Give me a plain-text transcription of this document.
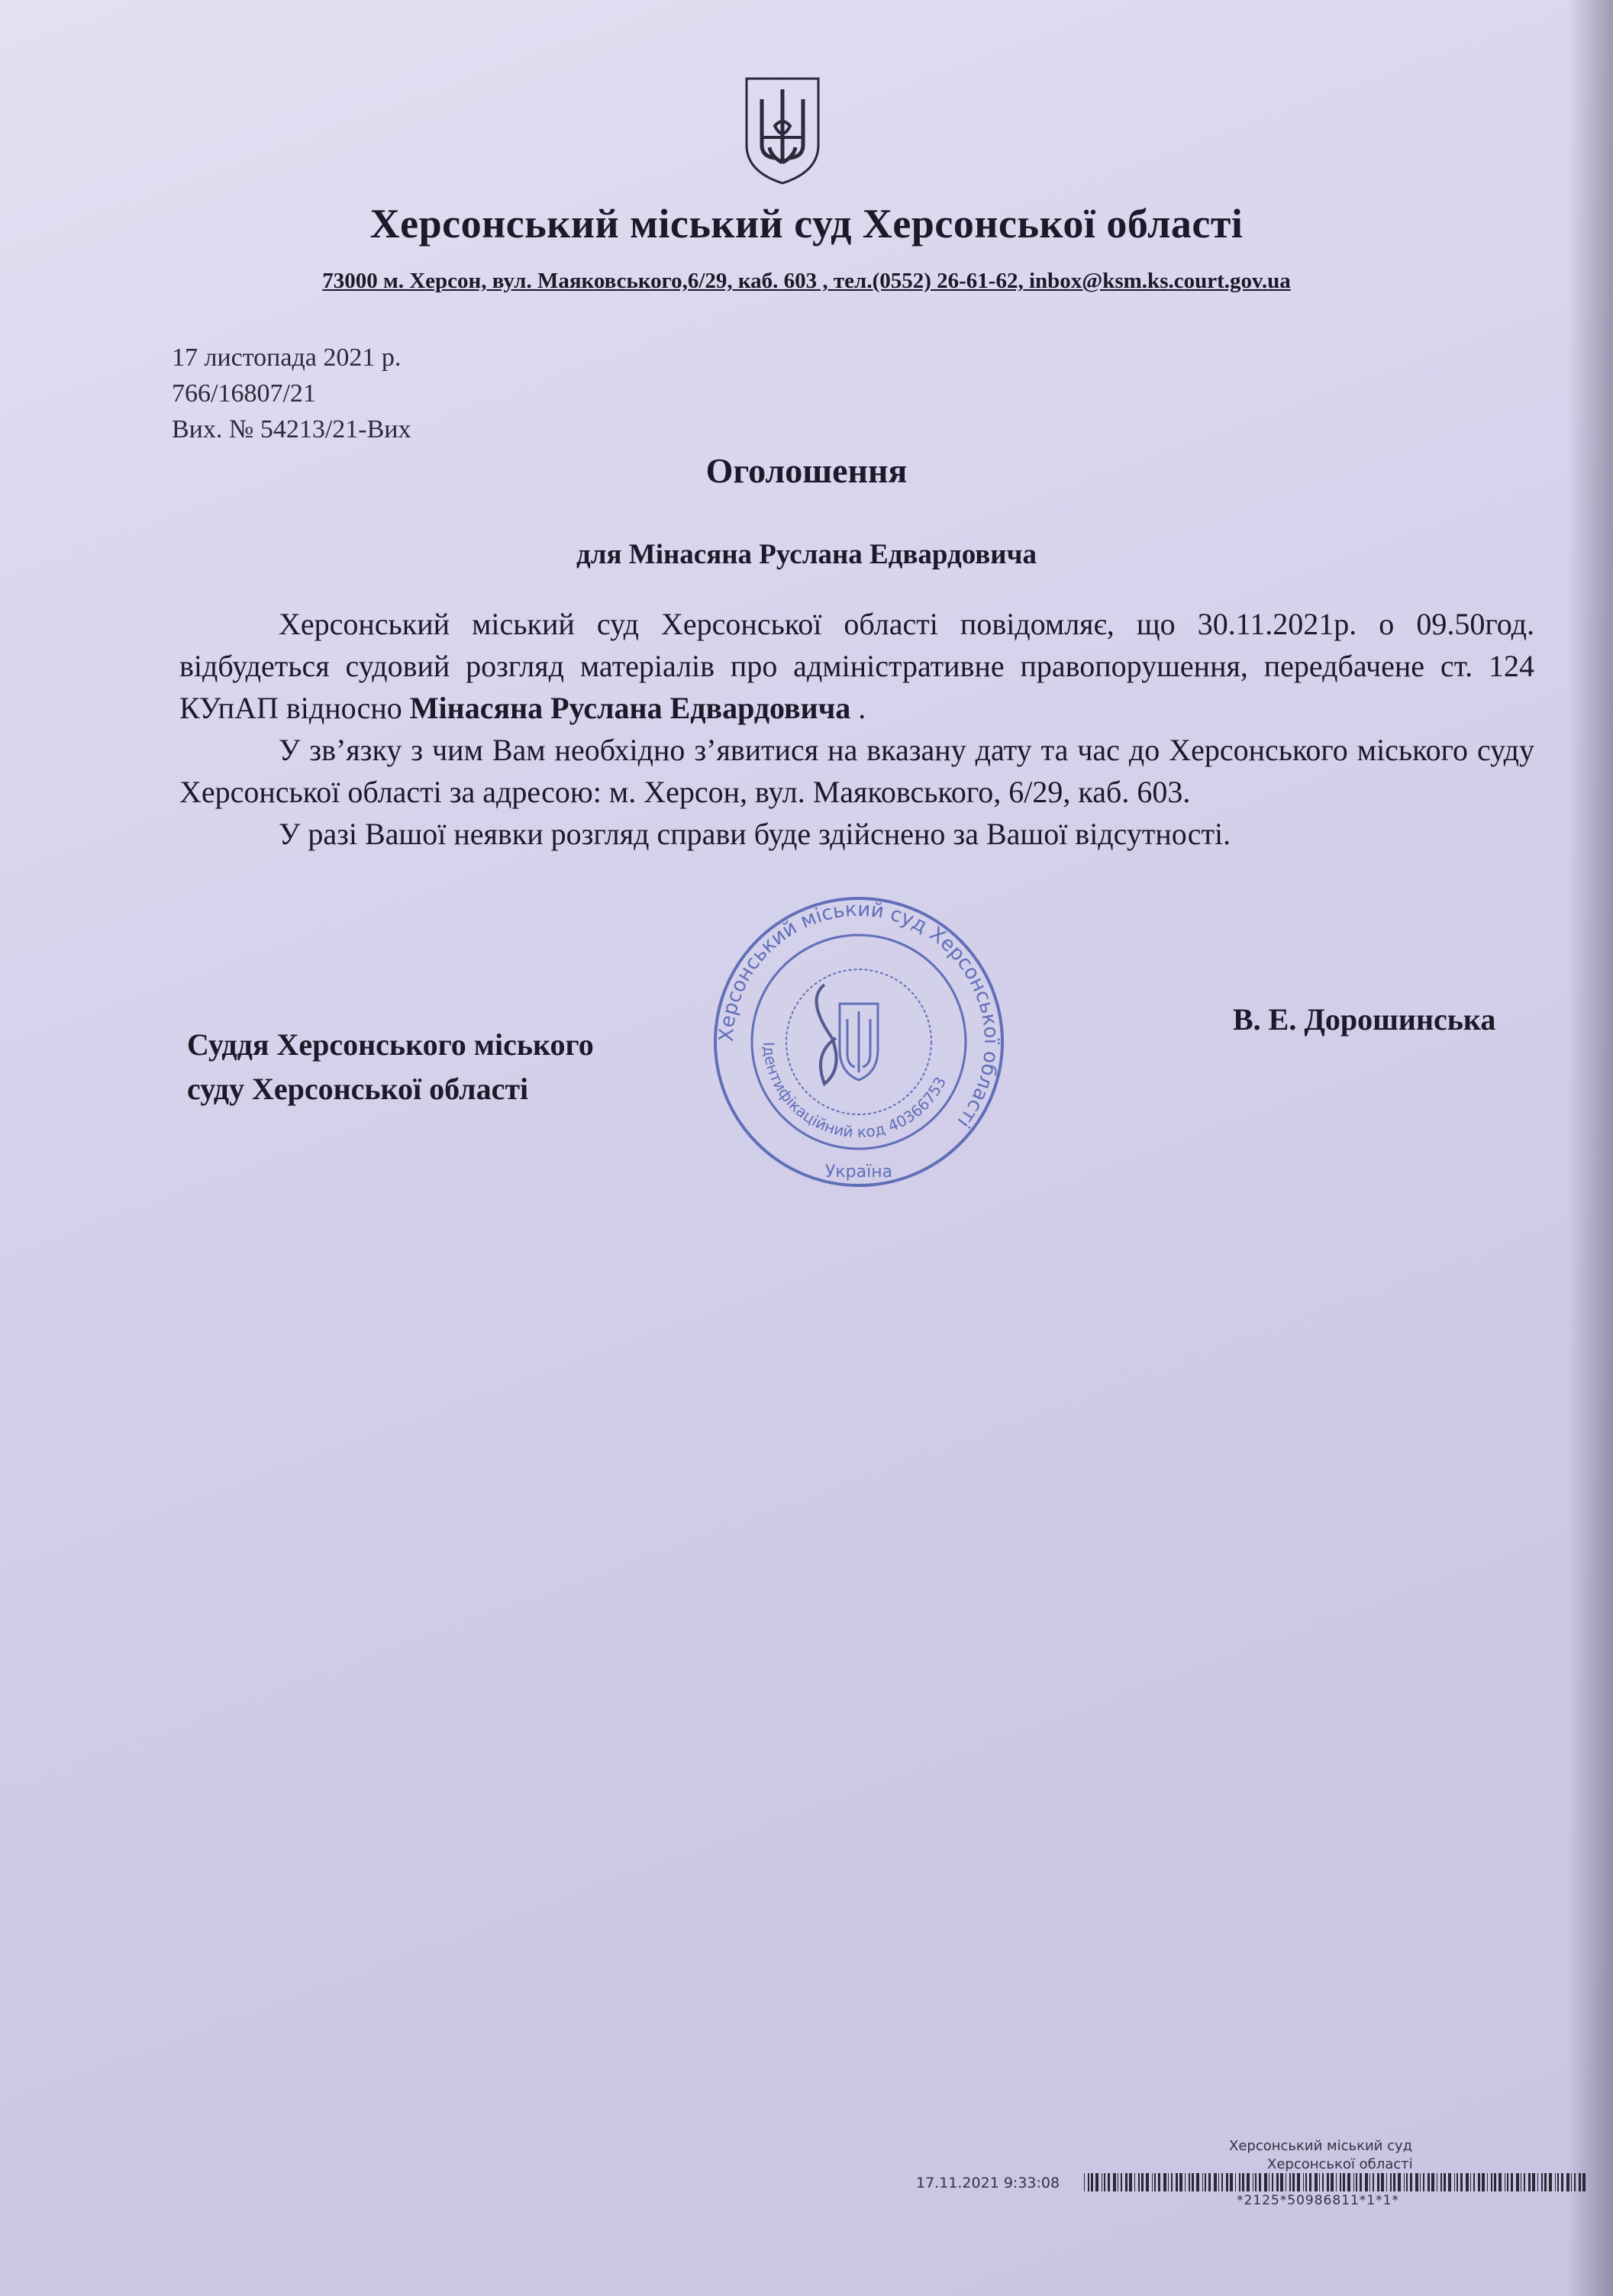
Херсонський міський суд Херсонської області
73000 м. Херсон, вул. Маяковського,6/29, каб. 603 , тел.(0552) 26-61-62, inbox@ksm.ks.court.gov.ua
17 листопада 2021 р.
766/16807/21
Вих. № 54213/21-Вих
Оголошення
для Мінасяна Руслана Едвардовича

Херсонський міський суд Херсонської області повідомляє, що 30.11.2021р. о 09.50год. відбудеться судовий розгляд матеріалів про адміністративне правопорушення, передбачене ст. 124 КУпАП відносно Мінасяна Руслана Едвардовича .

У зв’язку з чим Вам необхідно з’явитися на вказану дату та час до Херсонського міського суду Херсонської області за адресою: м. Херсон, вул. Маяковського, 6/29, каб. 603.

У разі Вашої неявки розгляд справи буде здійснено за Вашої відсутності.

Суддя Херсонського міського
суду Херсонської області
В. Е. Дорошинська
Херсонський міський суд Херсонської області
Ідентифікаційний код 40366753
Україна
Херсонський міський суд
Херсонської області
17.11.2021 9:33:08
*2125*50986811*1*1*
